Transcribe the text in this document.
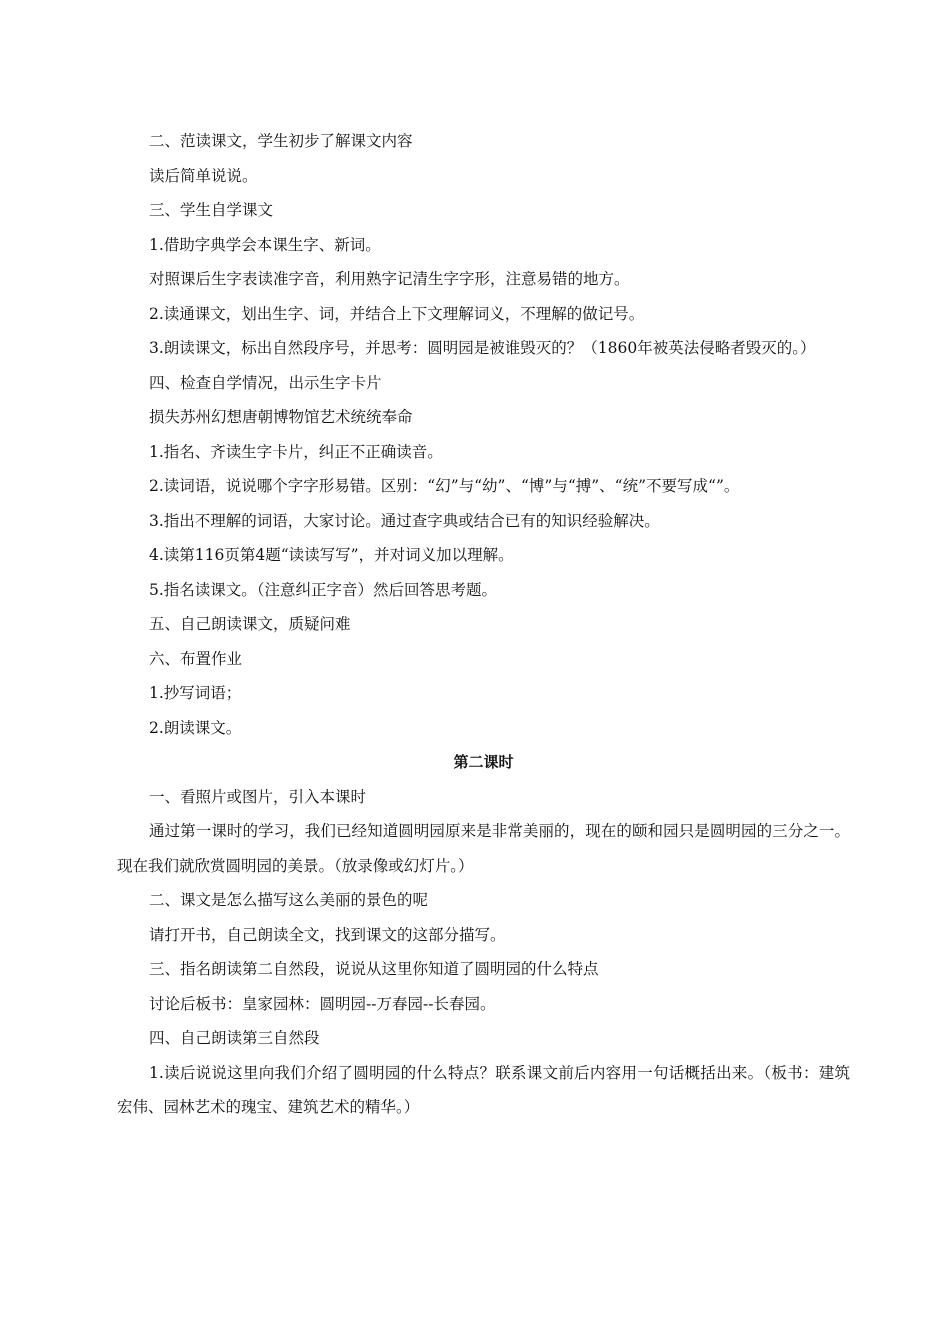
二、范读课文，学生初步了解课文内容

读后简单说说。

三、学生自学课文

1.借助字典学会本课生字、新词。

对照课后生字表读准字音，利用熟字记清生字字形，注意易错的地方。

2.读通课文，划出生字、词，并结合上下文理解词义，不理解的做记号。

3.朗读课文，标出自然段序号，并思考：圆明园是被谁毁灭的？（1860年被英法侵略者毁灭的。）

四、检查自学情况，出示生字卡片

损失苏州幻想唐朝博物馆艺术统统奉命

1.指名、齐读生字卡片，纠正不正确读音。

2.读词语，说说哪个字字形易错。区别：“幻”与“幼”、“博”与“搏”、“统”不要写成“”。

3.指出不理解的词语，大家讨论。通过查字典或结合已有的知识经验解决。

4.读第116页第4题“读读写写”，并对词义加以理解。

5.指名读课文。（注意纠正字音）然后回答思考题。

五、自己朗读课文，质疑问难

六、布置作业

1.抄写词语；

2.朗读课文。

第二课时

一、看照片或图片，引入本课时

通过第一课时的学习，我们已经知道圆明园原来是非常美丽的，现在的颐和园只是圆明园的三分之一。现在我们就欣赏圆明园的美景。（放录像或幻灯片。）

二、课文是怎么描写这么美丽的景色的呢

请打开书，自己朗读全文，找到课文的这部分描写。

三、指名朗读第二自然段，说说从这里你知道了圆明园的什么特点

讨论后板书：皇家园林：圆明园--万春园--长春园。

四、自己朗读第三自然段

1.读后说说这里向我们介绍了圆明园的什么特点？联系课文前后内容用一句话概括出来。（板书：建筑宏伟、园林艺术的瑰宝、建筑艺术的精华。）
